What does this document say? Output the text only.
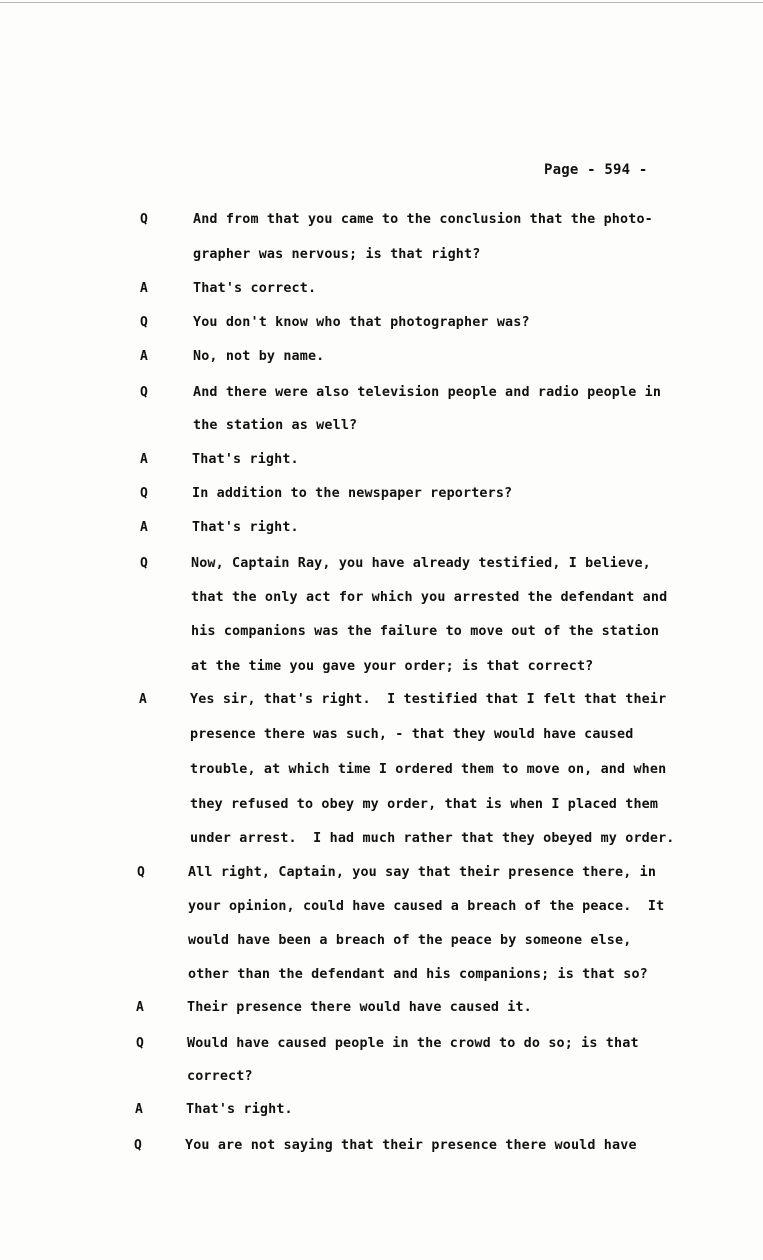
Page - 594 -
Q	And from that you came to the conclusion that the photo-
grapher was nervous; is that right?
A	That's correct.
Q	You don't know who that photographer was?
A	No, not by name.
Q	And there were also television people and radio people in
the station as well?
A	That's right.
Q	In addition to the newspaper reporters?
A	That's right.
Q	Now, Captain Ray, you have already testified, I believe,
that the only act for which you arrested the defendant and
his companions was the failure to move out of the station
at the time you gave your order; is that correct?
A	Yes sir, that's right.  I testified that I felt that their
presence there was such, - that they would have caused
trouble, at which time I ordered them to move on, and when
they refused to obey my order, that is when I placed them
under arrest.  I had much rather that they obeyed my order.
Q	All right, Captain, you say that their presence there, in
your opinion, could have caused a breach of the peace.  It
would have been a breach of the peace by someone else,
other than the defendant and his companions; is that so?
A	Their presence there would have caused it.
Q	Would have caused people in the crowd to do so; is that
correct?
A	That's right.
Q	You are not saying that their presence there would have
